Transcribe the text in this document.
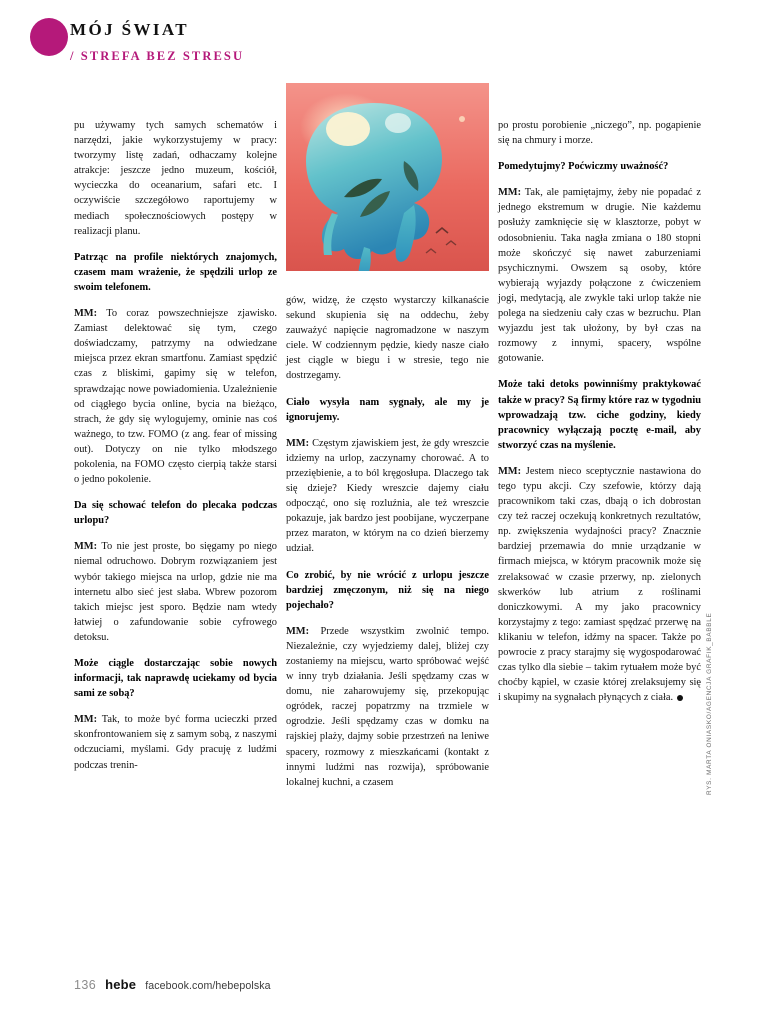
MÓJ ŚWIAT
/ STREFA BEZ STRESU

pu używamy tych samych schematów i narzędzi, jakie wykorzystujemy w pracy: tworzymy listę zadań, odhaczamy kolejne atrakcje: jeszcze jedno muzeum, kościół, wycieczka do oceanarium, safari etc. I oczywiście szczegółowo raportujemy w mediach społecznościowych postępy w realizacji planu.

Patrząc na profile niektórych znajomych, czasem mam wrażenie, że spędzili urlop ze swoim telefonem.

MM: To coraz powszechniejsze zjawisko. Zamiast delektować się tym, czego doświadczamy, patrzymy na odwiedzane miejsca przez ekran smartfonu. Zamiast spędzić czas z bliskimi, gapimy się w telefon, sprawdzając nowe powiadomienia. Uzależnienie od ciągłego bycia online, bycia na bieżąco, strach, że gdy się wylogujemy, ominie nas coś ważnego, to tzw. FOMO (z ang. fear of missing out). Dotyczy on nie tylko młodszego pokolenia, na FOMO często cierpią także starsi o jedno pokolenie.

Da się schować telefon do plecaka podczas urlopu?

MM: To nie jest proste, bo sięgamy po niego niemal odruchowo. Dobrym rozwiązaniem jest wybór takiego miejsca na urlop, gdzie nie ma internetu albo sieć jest słaba. Wbrew pozorom takich miejsc jest sporo. Będzie nam wtedy łatwiej o zafundowanie sobie cyfrowego detoksu.

Może ciągle dostarczając sobie nowych informacji, tak naprawdę uciekamy od bycia sami ze sobą?

MM: Tak, to może być forma ucieczki przed skonfrontowaniem się z samym sobą, z naszymi odczuciami, myślami. Gdy pracuję z ludźmi podczas trenin-

gów, widzę, że często wystarczy kilkanaście sekund skupienia się na oddechu, żeby zauważyć napięcie nagromadzone w naszym ciele. W codziennym pędzie, kiedy nasze ciało jest ciągle w biegu i w stresie, tego nie dostrzegamy.

Ciało wysyła nam sygnały, ale my je ignorujemy.

MM: Częstym zjawiskiem jest, że gdy wreszcie idziemy na urlop, zaczynamy chorować. A to przeziębienie, a to ból kręgosłupa. Dlaczego tak się dzieje? Kiedy wreszcie dajemy ciału odpocząć, ono się rozluźnia, ale też wreszcie pokazuje, jak bardzo jest poobijane, wyczerpane przez maraton, w którym na co dzień bierzemy udział.

Co zrobić, by nie wrócić z urlopu jeszcze bardziej zmęczonym, niż się na niego pojechało?

MM: Przede wszystkim zwolnić tempo. Niezależnie, czy wyjedziemy dalej, bliżej czy zostaniemy na miejscu, warto spróbować wejść w inny tryb działania. Jeśli spędzamy czas w domu, nie zaharowujemy się, przekopując ogródek, raczej popatrzmy na trzmiele w ogrodzie. Jeśli spędzamy czas w domku na rajskiej plaży, dajmy sobie przestrzeń na leniwe spacery, rozmowy z mieszkańcami (kontakt z innymi ludźmi nas rozwija), spróbowanie lokalnej kuchni, a czasem

po prostu porobienie „niczego”, np. pogapienie się na chmury i morze.

Pomedytujmy? Poćwiczmy uważność?

MM: Tak, ale pamiętajmy, żeby nie popadać z jednego ekstremum w drugie. Nie każdemu posłuży zamknięcie się w klasztorze, pobyt w odosobnieniu. Taka nagła zmiana o 180 stopni może skończyć się nawet zaburzeniami psychicznymi. Owszem są osoby, które wybierają wyjazdy połączone z ćwiczeniem jogi, medytacją, ale zwykle taki urlop także nie polega na siedzeniu cały czas w bezruchu. Plan wyjazdu jest tak ułożony, by był czas na rozmowy z innymi, spacery, wspólne gotowanie.

Może taki detoks powinniśmy praktykować także w pracy? Są firmy które raz w tygodniu wprowadzają tzw. ciche godziny, kiedy pracownicy wyłączają pocztę e-mail, aby stworzyć czas na myślenie.

MM: Jestem nieco sceptycznie nastawiona do tego typu akcji. Czy szefowie, którzy dają pracownikom taki czas, dbają o ich dobrostan czy też raczej oczekują konkretnych rezultatów, np. zwiększenia wydajności pracy? Znacznie bardziej przemawia do mnie urządzanie w firmach miejsca, w którym pracownik może się zrelaksować w czasie przerwy, np. zielonych skwerków lub atrium z roślinami doniczkowymi. A my jako pracownicy korzystajmy z tego: zamiast spędzać przerwę na klikaniu w telefon, idźmy na spacer. Także po powrocie z pracy starajmy się wygospodarować czas tylko dla siebie – takim rytuałem może być choćby kąpiel, w czasie której zrelaksujemy się i skupimy na sygnałach płynących z ciała.	RYS. MARTA ONIASKO/AGENCJA GRAFIK_BABBLE
136 hebe facebook.com/hebepolska
